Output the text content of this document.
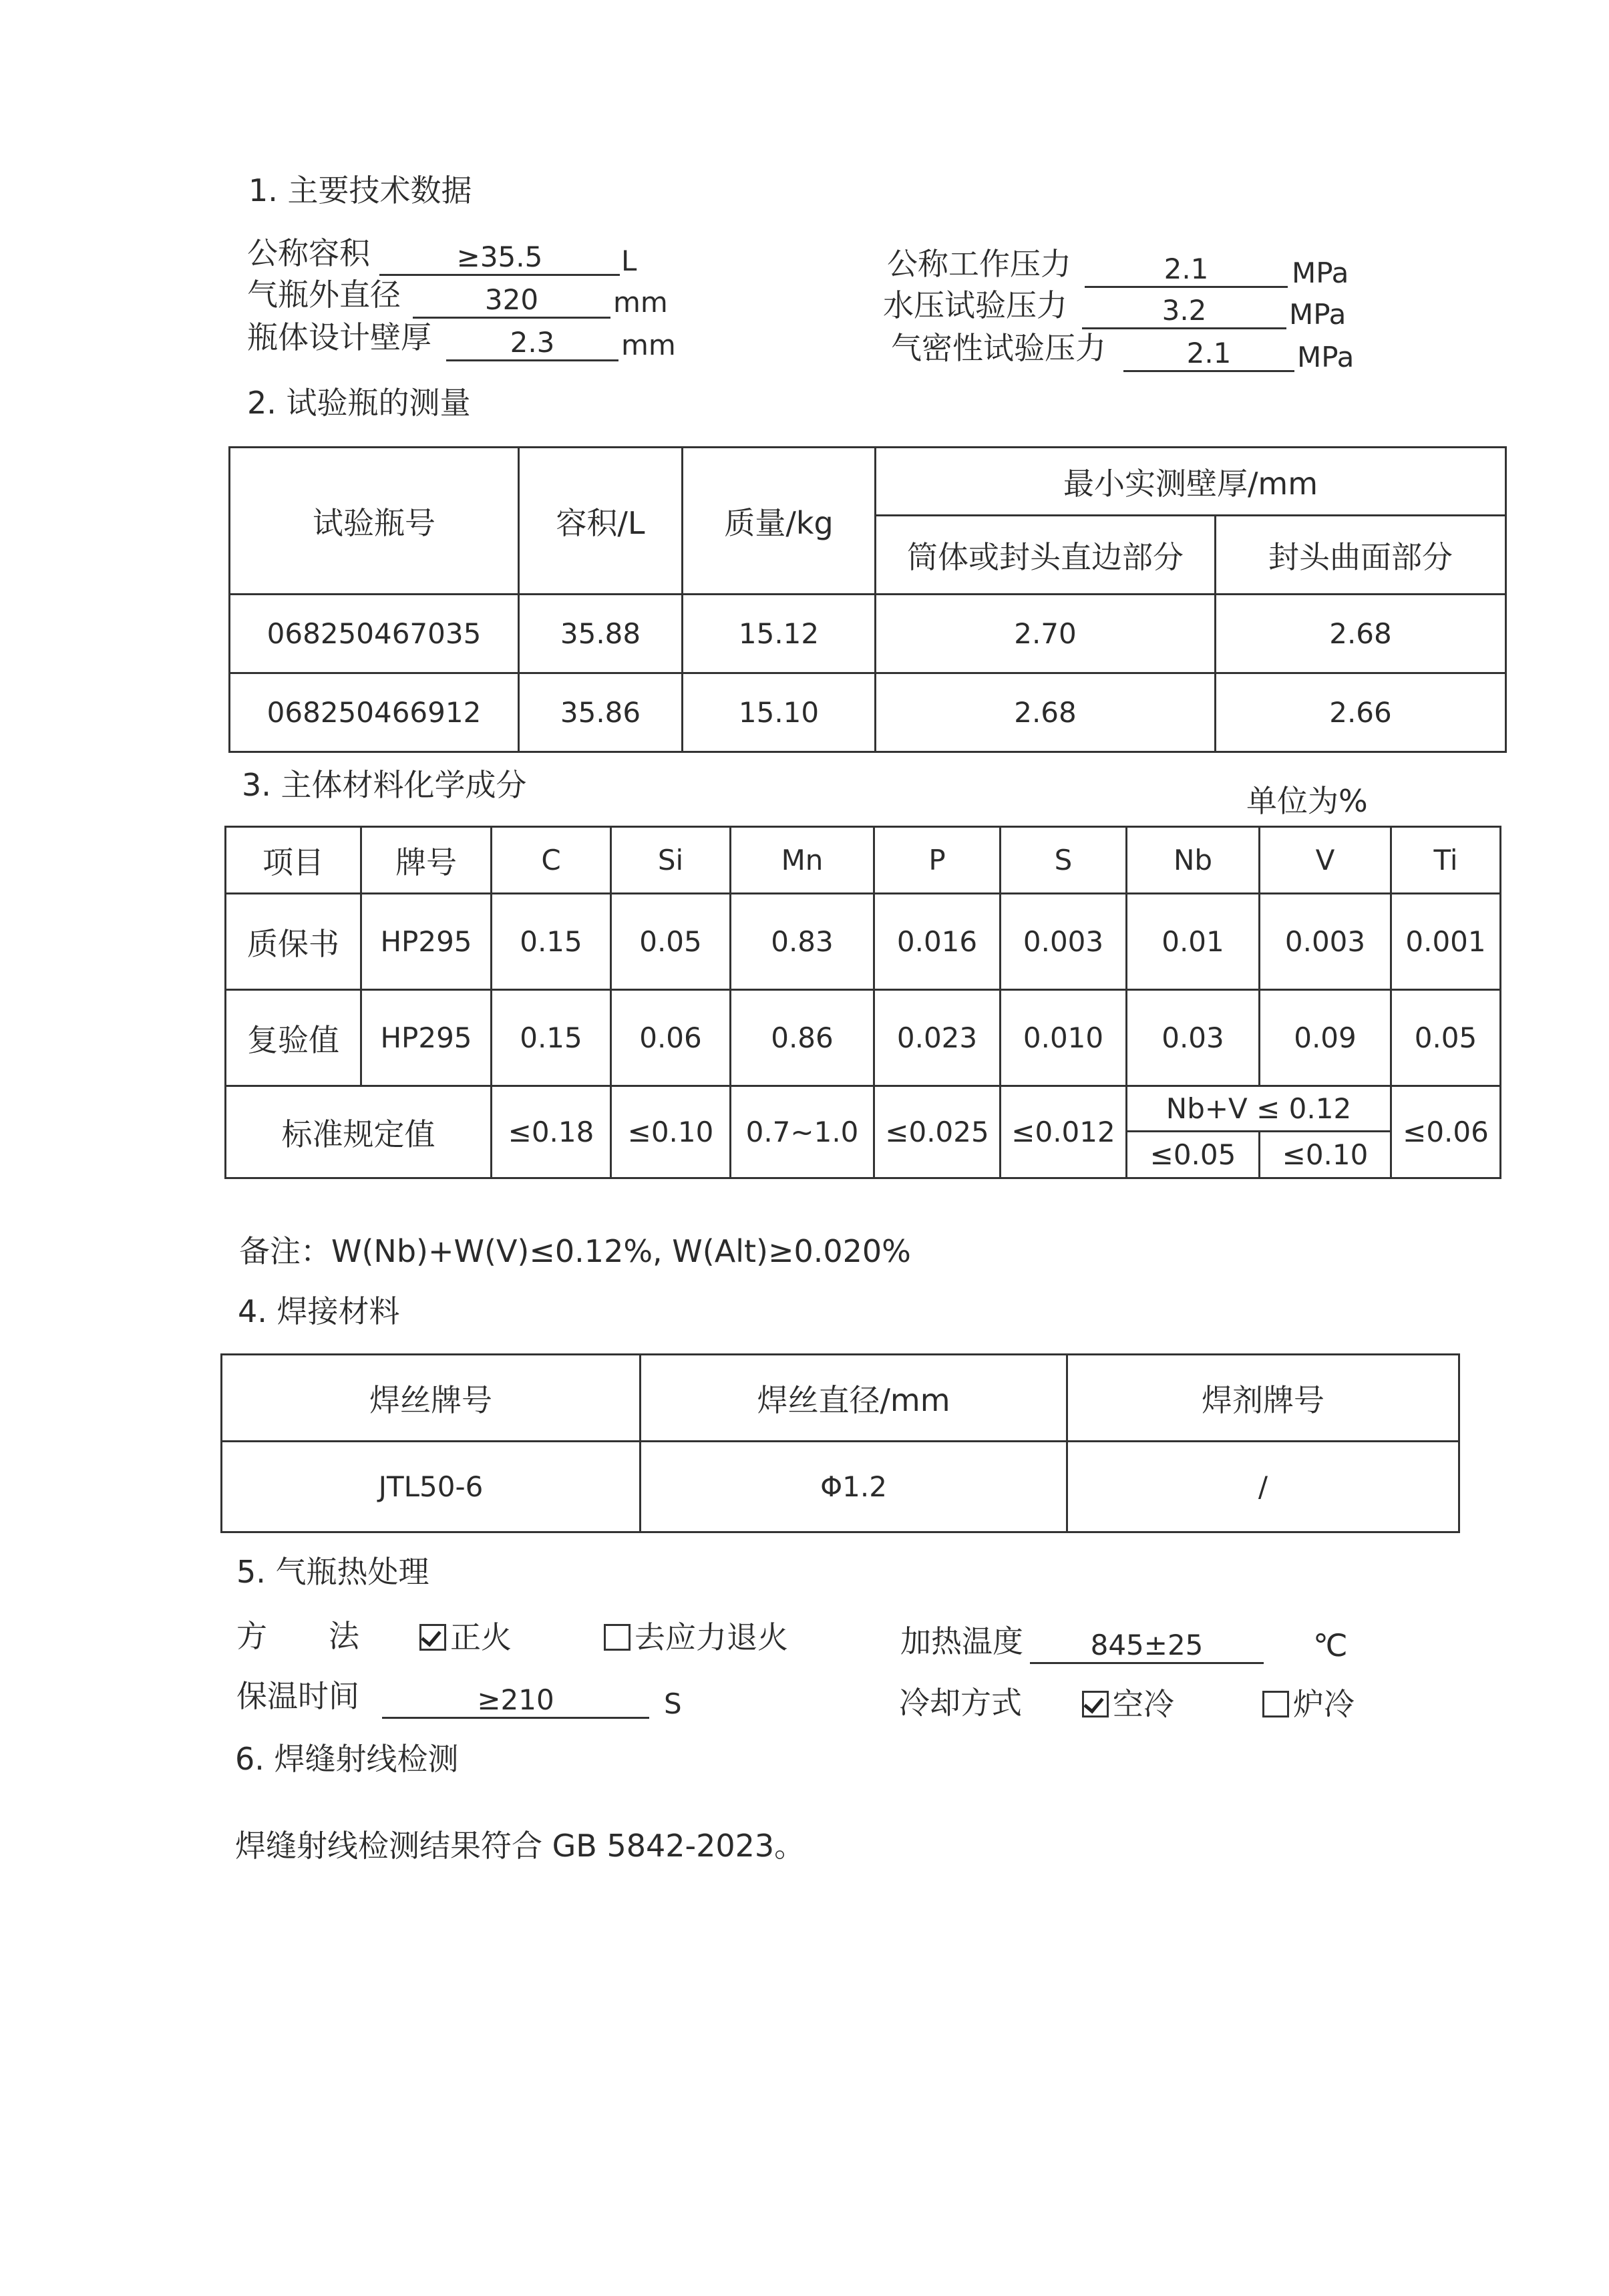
1. 主要技术数据
公称容积	≥35.5	L
气瓶外直径	320	mm
瓶体设计壁厚	2.3	mm
公称工作压力	2.1	MPa
水压试验压力	3.2	MPa
气密性试验压力	2.1	MPa
2. 试验瓶的测量
试验瓶号	容积/L	质量/kg	最小实测壁厚/mm	
			筒体或封头直边部分	封头曲面部分
068250467035	35.88	15.12	2.70	2.68
068250466912	35.86	15.10	2.68	2.66
3. 主体材料化学成分	单位为%
项目	牌号	C	Si	Mn	P	S	Nb	V	Ti
质保书	HP295	0.15	0.05	0.83	0.016	0.003	0.01	0.003	0.001
复验值	HP295	0.15	0.06	0.86	0.023	0.010	0.03	0.09	0.05
标准规定值		≤0.18	≤0.10	0.7~1.0	≤0.025	≤0.012	Nb+V ≤ 0.12		≤0.06
							≤0.05	≤0.10	
备注：W(Nb)+W(V)≤0.12%, W(Alt)≥0.020%
4. 焊接材料
焊丝牌号	焊丝直径/mm	焊剂牌号
JTL50-6	Φ1.2	/
5. 气瓶热处理
方　　法	正火	去应力退火	加热温度	845±25	℃
保温时间	≥210	S	冷却方式	空冷	炉冷
6. 焊缝射线检测
焊缝射线检测结果符合 GB 5842-2023。
